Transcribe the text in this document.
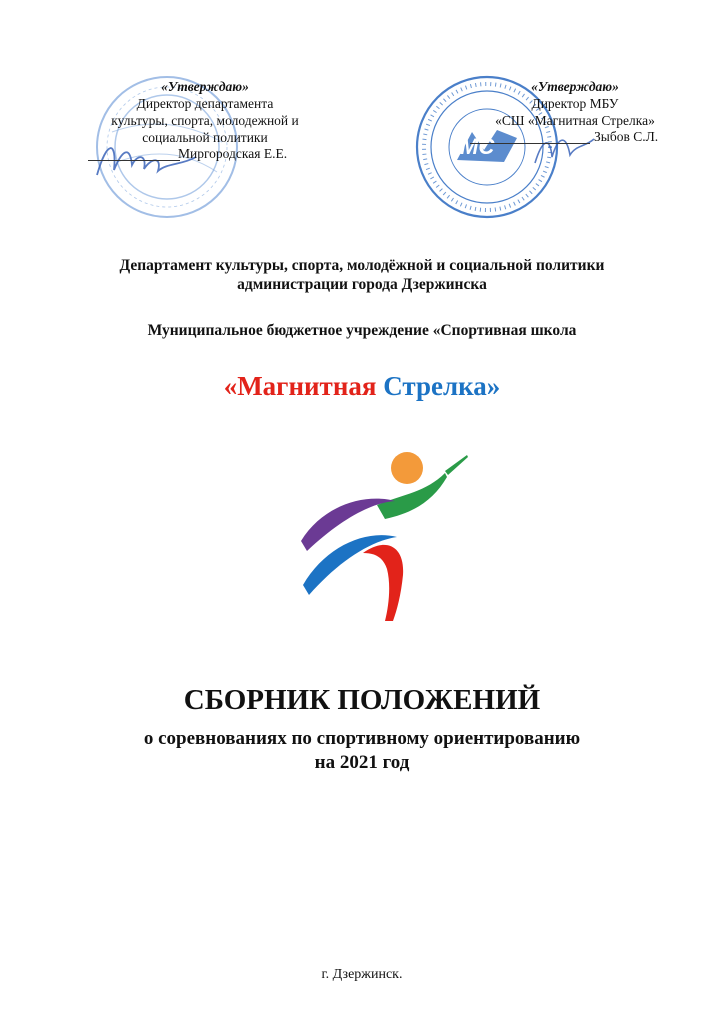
МС
«Утверждаю»
Директор департамента
культуры, спорта, молодежной и
социальной политики
Миргородская Е.Е.
«Утверждаю»
Директор МБУ
«СШ «Магнитная Стрелка»
Зыбов С.Л.
Департамент культуры, спорта, молодёжной и социальной политики
администрации города Дзержинска
Муниципальное бюджетное учреждение «Спортивная школа
«Магнитная Стрелка»
СБОРНИК ПОЛОЖЕНИЙ
о соревнованиях по спортивному ориентированию
на 2021 год
г. Дзержинск.
